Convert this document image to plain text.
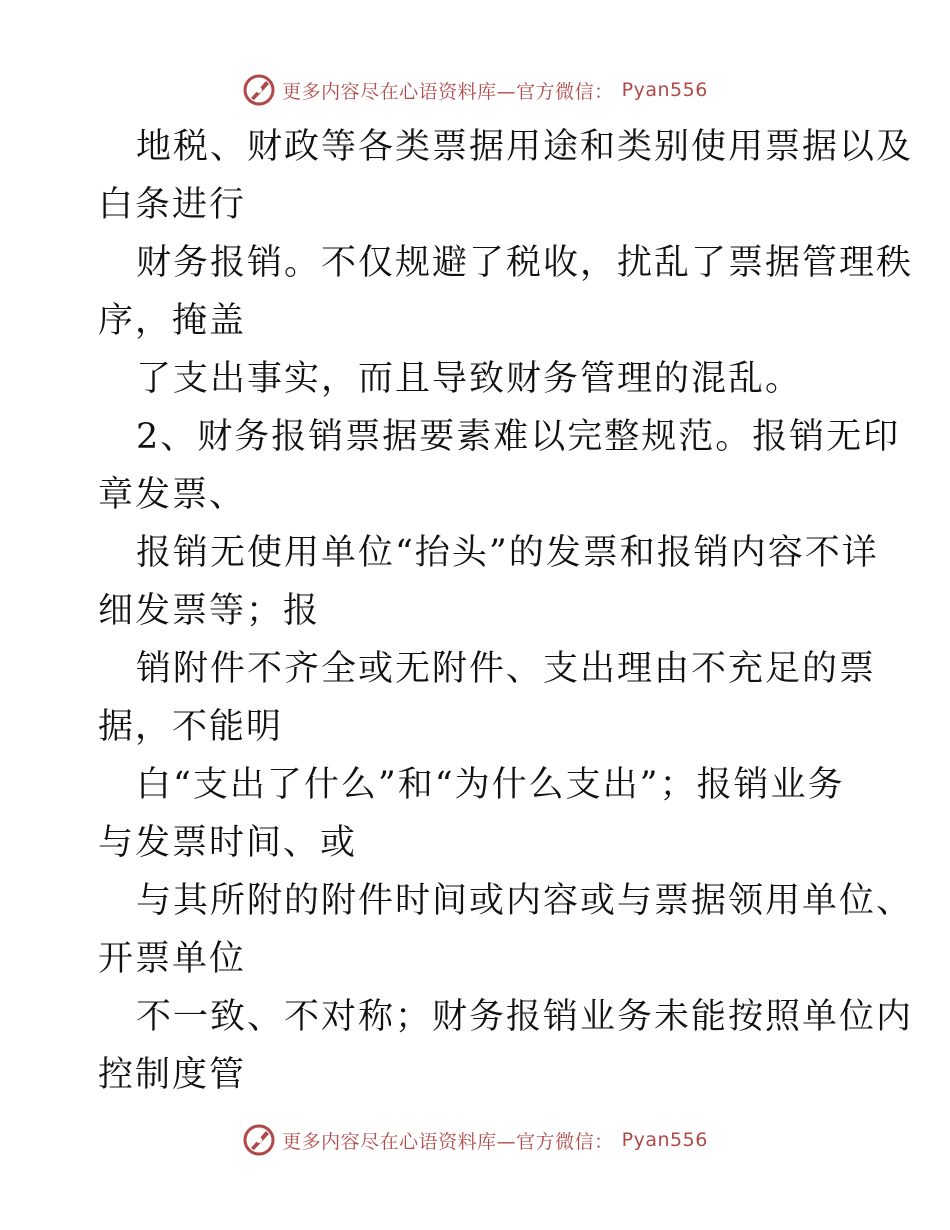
更多内容尽在心语资料库—官方微信： Pyan556

地税、财政等各类票据用途和类别使用票据以及
白条进行

财务报销。不仅规避了税收，扰乱了票据管理秩
序，掩盖

了支出事实，而且导致财务管理的混乱。

2、财务报销票据要素难以完整规范。报销无印
章发票、

报销无使用单位“抬头”的发票和报销内容不详
细发票等；报

销附件不齐全或无附件、支出理由不充足的票
据，不能明

白“支出了什么”和“为什么支出”；报销业务
与发票时间、或

与其所附的附件时间或内容或与票据领用单位、
开票单位

不一致、不对称；财务报销业务未能按照单位内
控制度管

更多内容尽在心语资料库—官方微信： Pyan556
